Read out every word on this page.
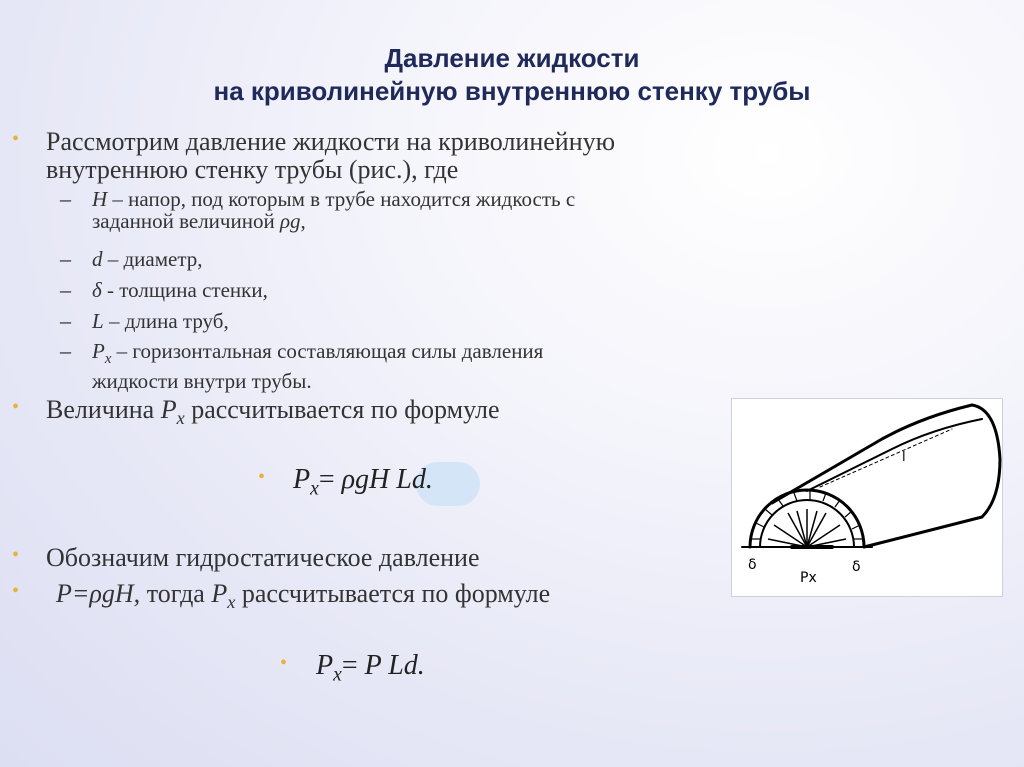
Давление жидкости
на криволинейную внутреннюю стенку трубы
• Рассмотрим давление жидкости на криволинейную
внутреннюю стенку трубы (рис.), где
– H – напор, под которым в трубе находится жидкость с
заданной величиной ρg,
– d – диаметр,
– δ - толщина стенки,
– L – длина труб,
– $P_x$ – горизонтальная составляющая силы давления
жидкости внутри трубы.
• Величина $P_x$ рассчитывается по формуле
• $P_x= \rho gH$ Ld.
• Обозначим гидростатическое давление
• P=ρgH, тогда $P_x$ рассчитывается по формуле
• $P_x= P$ Ld.
l
δ	δ
Px
